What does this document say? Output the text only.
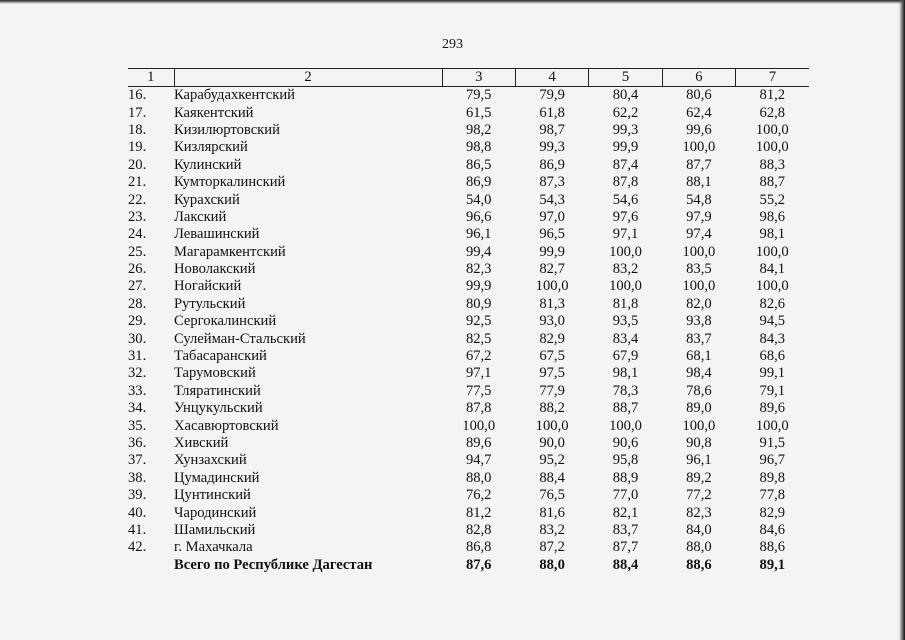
293
1	2	3	4	5	6	7
16.	Карабудахкентский	79,5	79,9	80,4	80,6	81,2
17.	Каякентский	61,5	61,8	62,2	62,4	62,8
18.	Кизилюртовский	98,2	98,7	99,3	99,6	100,0
19.	Кизлярский	98,8	99,3	99,9	100,0	100,0
20.	Кулинский	86,5	86,9	87,4	87,7	88,3
21.	Кумторкалинский	86,9	87,3	87,8	88,1	88,7
22.	Курахский	54,0	54,3	54,6	54,8	55,2
23.	Лакский	96,6	97,0	97,6	97,9	98,6
24.	Левашинский	96,1	96,5	97,1	97,4	98,1
25.	Магарамкентский	99,4	99,9	100,0	100,0	100,0
26.	Новолакский	82,3	82,7	83,2	83,5	84,1
27.	Ногайский	99,9	100,0	100,0	100,0	100,0
28.	Рутульский	80,9	81,3	81,8	82,0	82,6
29.	Сергокалинский	92,5	93,0	93,5	93,8	94,5
30.	Сулейман-Стальский	82,5	82,9	83,4	83,7	84,3
31.	Табасаранский	67,2	67,5	67,9	68,1	68,6
32.	Тарумовский	97,1	97,5	98,1	98,4	99,1
33.	Тляратинский	77,5	77,9	78,3	78,6	79,1
34.	Унцукульский	87,8	88,2	88,7	89,0	89,6
35.	Хасавюртовский	100,0	100,0	100,0	100,0	100,0
36.	Хивский	89,6	90,0	90,6	90,8	91,5
37.	Хунзахский	94,7	95,2	95,8	96,1	96,7
38.	Цумадинский	88,0	88,4	88,9	89,2	89,8
39.	Цунтинский	76,2	76,5	77,0	77,2	77,8
40.	Чародинский	81,2	81,6	82,1	82,3	82,9
41.	Шамильский	82,8	83,2	83,7	84,0	84,6
42.	г. Махачкала	86,8	87,2	87,7	88,0	88,6
	Всего по Республике Дагестан	87,6	88,0	88,4	88,6	89,1
